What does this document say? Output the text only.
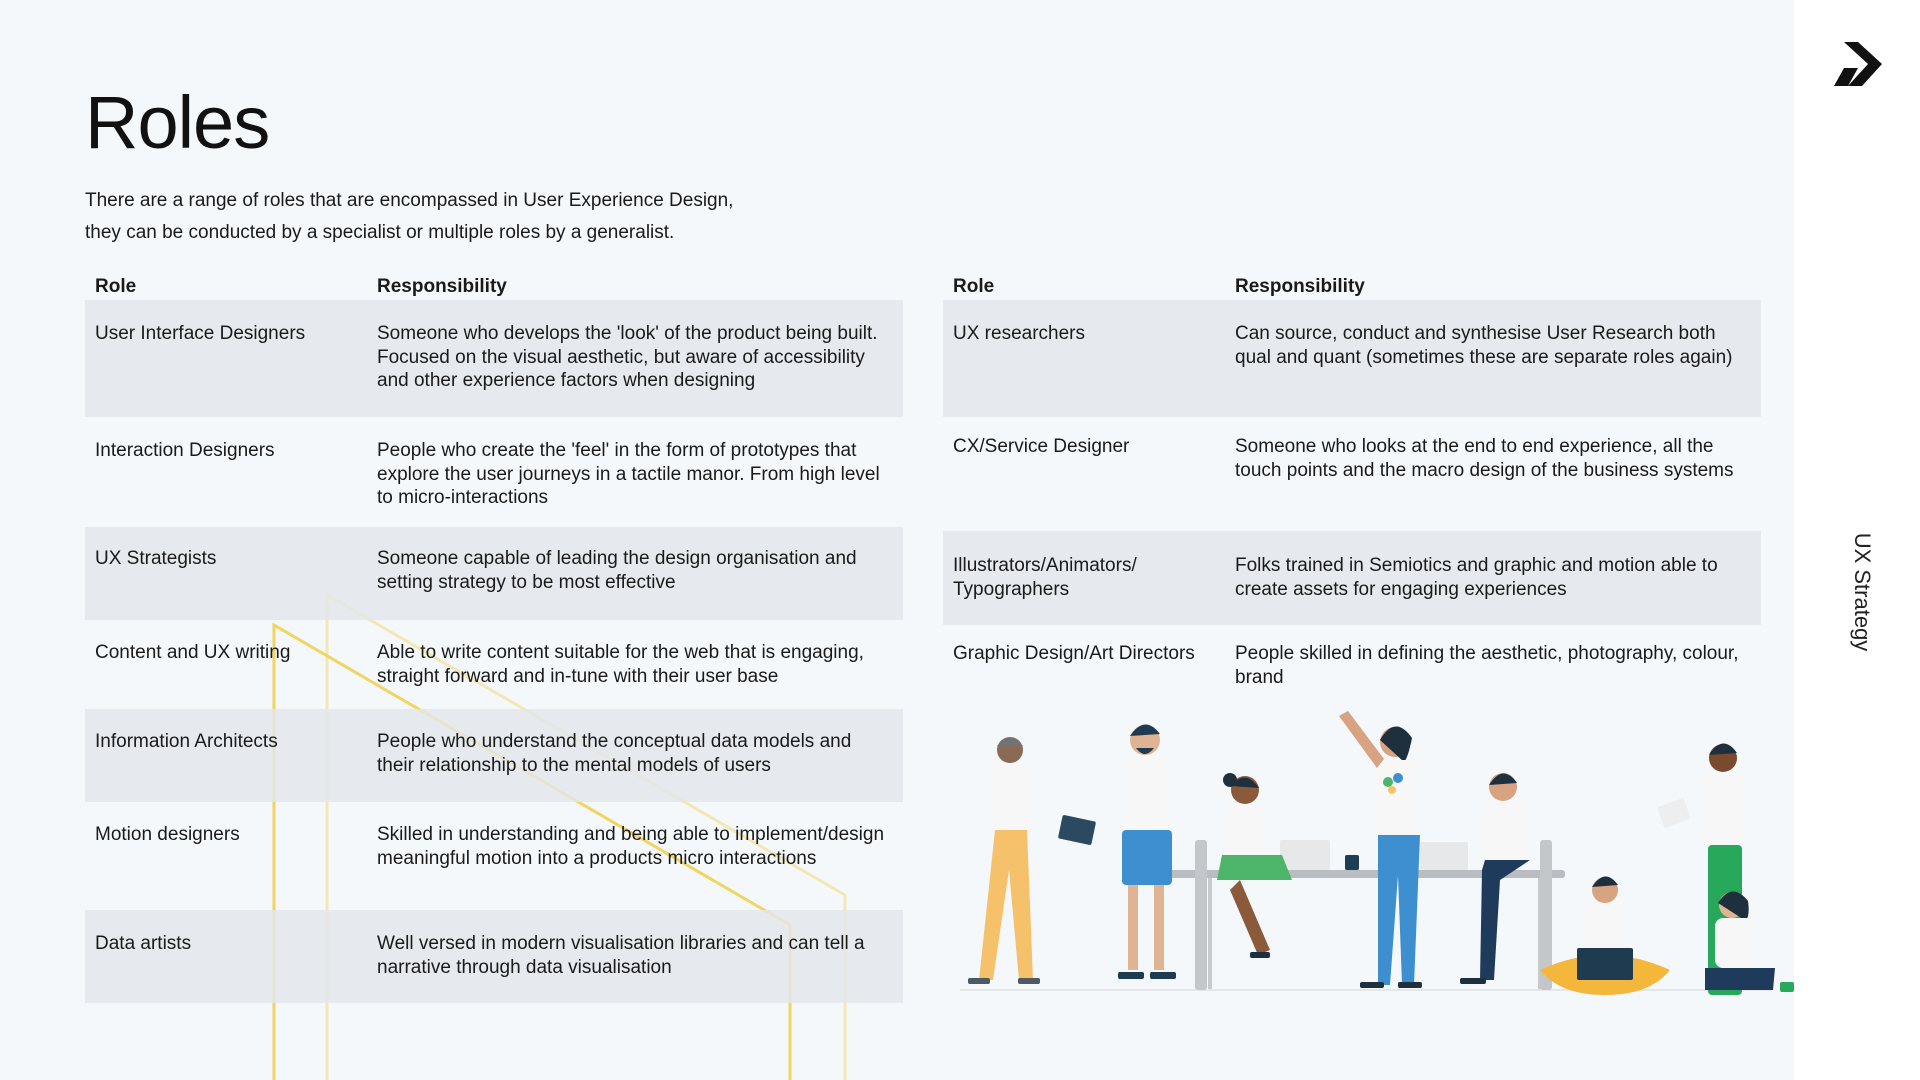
Roles
There are a range of roles that are encompassed in User Experience Design,
they can be conducted by a specialist or multiple roles by a generalist.
Role	Responsibility
User Interface Designers	Someone who develops the 'look' of the product being built. Focused on the visual aesthetic, but aware of accessibility and other experience factors when designing
Interaction Designers	People who create the 'feel' in the form of prototypes that explore the user journeys in a tactile manor. From high level to micro-interactions
UX Strategists	Someone capable of leading the design organisation and setting strategy to be most effective
Content and UX writing	Able to write content suitable for the web that is engaging, straight forward and in-tune with their user base
Information Architects	People who understand the conceptual data models and their relationship to the mental models of users
Motion designers	Skilled in understanding and being able to implement/design meaningful motion into a products micro interactions
Data artists	Well versed in modern visualisation libraries and can tell a narrative through data visualisation
Role	Responsibility
UX researchers	Can source, conduct and synthesise User Research both qual and quant (sometimes these are separate roles again)
CX/Service Designer	Someone who looks at the end to end experience, all the touch points and the macro design of the business systems

Illustrators/Animators/
Typographers	Folks trained in Semiotics and graphic and motion able to create assets for engaging experiences
Graphic Design/Art Directors	People skilled in defining the aesthetic, photography, colour, brand
UX Strategy
